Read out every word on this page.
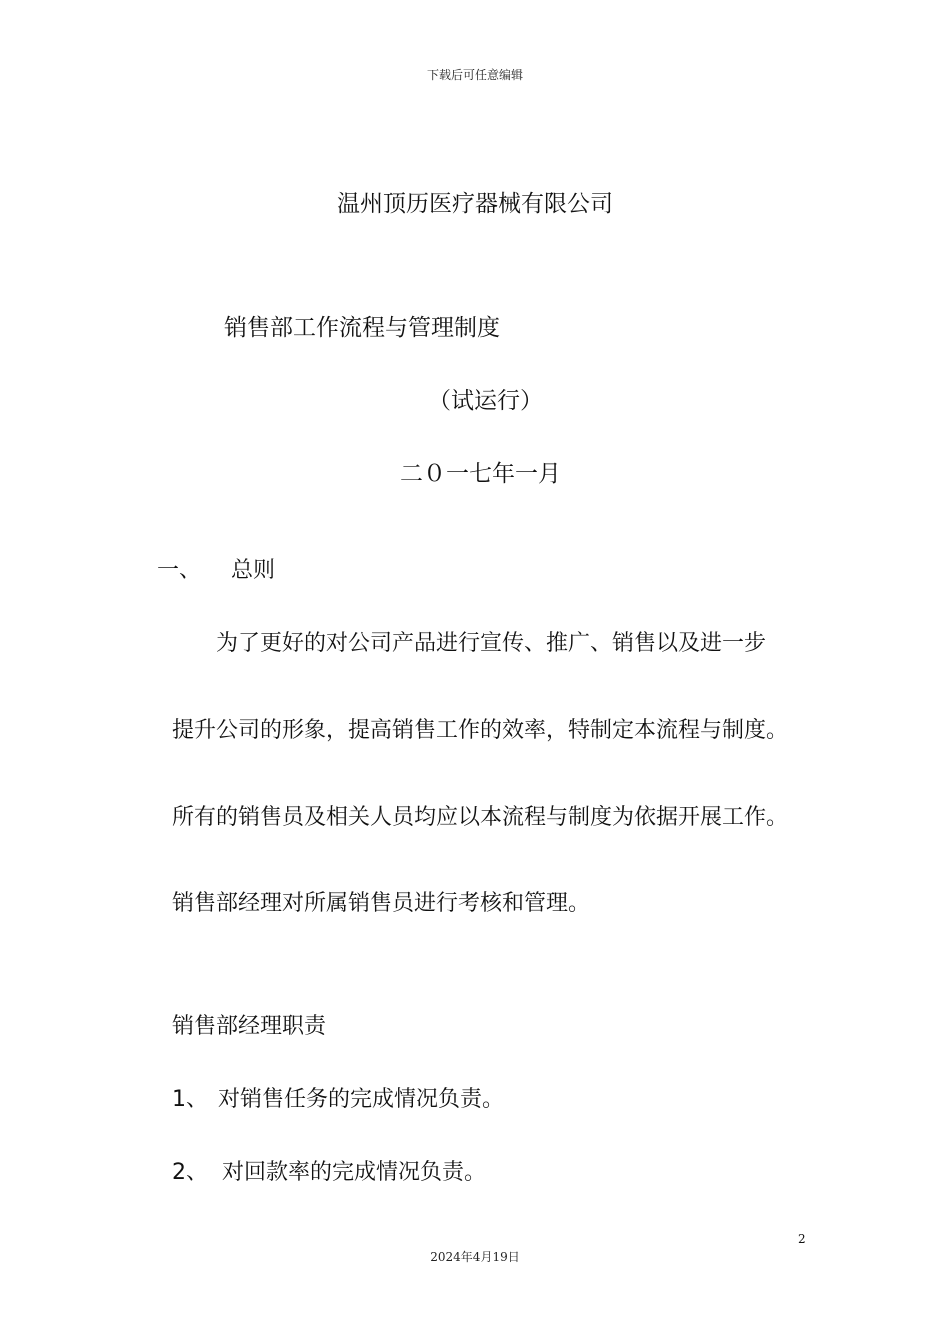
下载后可任意编辑
温州顶历医疗器械有限公司
销售部工作流程与管理制度
（试运行）
二０一七年一月
一、 总则
为了更好的对公司产品进行宣传、推广、销售以及进一步
提升公司的形象，提高销售工作的效率，特制定本流程与制度。
所有的销售员及相关人员均应以本流程与制度为依据开展工作。
销售部经理对所属销售员进行考核和管理。
销售部经理职责
1、 对销售任务的完成情况负责。
2、 对回款率的完成情况负责。
2
2024年4月19日
